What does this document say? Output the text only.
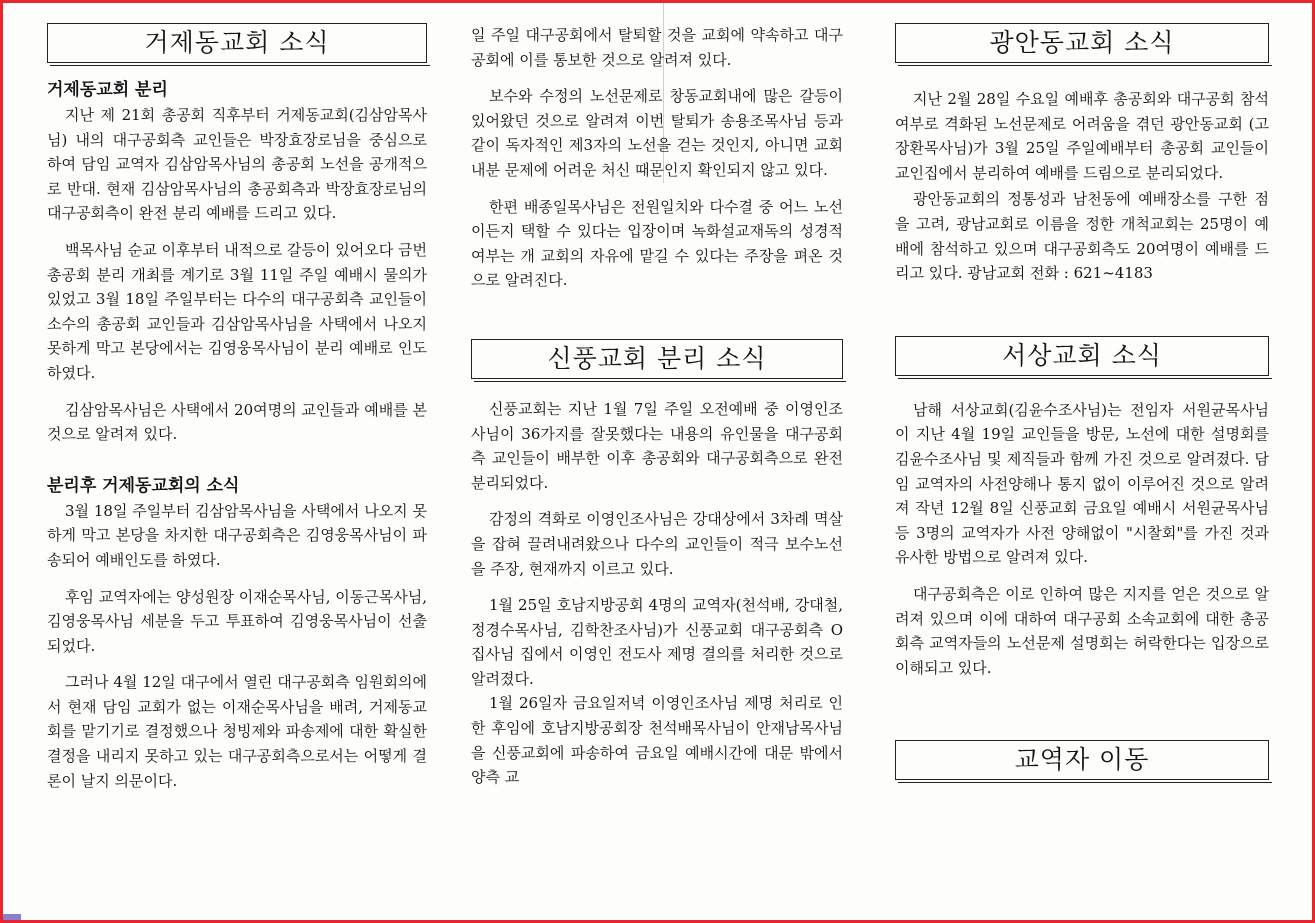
거제동교회 소식
거제동교회 분리

지난 제 21회 총공회 직후부터 거제동교회(김삼암목사님) 내의 대구공회측 교인들은 박장효장로님을 중심으로 하여 담임 교역자 김삼암목사님의 총공회 노선을 공개적으로 반대. 현재 김삼암목사님의 총공회측과 박장효장로님의 대구공회측이 완전 분리 예배를 드리고 있다.

백목사님 순교 이후부터 내적으로 갈등이 있어오다 금번 총공회 분리 개최를 계기로 3월 11일 주일 예배시 물의가 있었고 3월 18일 주일부터는 다수의 대구공회측 교인들이 소수의 총공회 교인들과 김삼암목사님을 사택에서 나오지 못하게 막고 본당에서는 김영웅목사님이 분리 예배로 인도하였다.

김삼암목사님은 사택에서 20여명의 교인들과 예배를 본 것으로 알려져 있다.

분리후 거제동교회의 소식

3월 18일 주일부터 김삼암목사님을 사택에서 나오지 못하게 막고 본당을 차지한 대구공회측은 김영웅목사님이 파송되어 예배인도를 하였다.

후임 교역자에는 양성원장 이재순목사님, 이동근목사님, 김영웅목사님 세분을 두고 투표하여 김영웅목사님이 선출되었다.

그러나 4월 12일 대구에서 열린 대구공회측 임원회의에서 현재 담임 교회가 없는 이재순목사님을 배려, 거제동교회를 맡기기로 결정했으나 청빙제와 파송제에 대한 확실한 결정을 내리지 못하고 있는 대구공회측으로서는 어떻게 결론이 날지 의문이다.

일 주일 대구공회에서 탈퇴할 것을 교회에 약속하고 대구공회에 이를 통보한 것으로 알려져 있다.

보수와 수정의 노선문제로 창동교회내에 많은 갈등이 있어왔던 것으로 알려져 이번 탈퇴가 송용조목사님 등과 같이 독자적인 제3자의 노선을 걷는 것인지, 아니면 교회 내분 문제에 어려운 처신 때문인지 확인되지 않고 있다.

한편 배종일목사님은 전원일치와 다수결 중 어느 노선이든지 택할 수 있다는 입장이며 녹화설교재독의 성경적 여부는 개 교회의 자유에 맡길 수 있다는 주장을 펴온 것으로 알려진다.

신풍교회 분리 소식

신풍교회는 지난 1월 7일 주일 오전예배 중 이영인조사님이 36가지를 잘못했다는 내용의 유인물을 대구공회측 교인들이 배부한 이후 총공회와 대구공회측으로 완전 분리되었다.

감정의 격화로 이영인조사님은 강대상에서 3차례 멱살을 잡혀 끌려내려왔으나 다수의 교인들이 적극 보수노선을 주장, 현재까지 이르고 있다.

1월 25일 호남지방공회 4명의 교역자(천석배, 강대철, 정경수목사님, 김학찬조사님)가 신풍교회 대구공회측 O집사님 집에서 이영인 전도사 제명 결의를 처리한 것으로 알려졌다.

1월 26일자 금요일저녁 이영인조사님 제명 처리로 인한 후임에 호남지방공회장 천석배목사님이 안재남목사님을 신풍교회에 파송하여 금요일 예배시간에 대문 밖에서 양측 교

광안동교회 소식

지난 2월 28일 수요일 예배후 총공회와 대구공회 참석여부로 격화된 노선문제로 어려움을 겪던 광안동교회 (고장환목사님)가 3월 25일 주일예배부터 총공회 교인들이 교인집에서 분리하여 예배를 드림으로 분리되었다.

광안동교회의 정통성과 남천동에 예배장소를 구한 점을 고려, 광남교회로 이름을 정한 개척교회는 25명이 예배에 참석하고 있으며 대구공회측도 20여명이 예배를 드리고 있다. 광남교회 전화 : 621~4183

서상교회 소식

남해 서상교회(김윤수조사님)는 전임자 서원균목사님이 지난 4월 19일 교인들을 방문, 노선에 대한 설명회를 김윤수조사님 및 제직들과 함께 가진 것으로 알려졌다. 담임 교역자의 사전양해나 통지 없이 이루어진 것으로 알려져 작년 12월 8일 신풍교회 금요일 예배시 서원균목사님등 3명의 교역자가 사전 양해없이 "시찰회"를 가진 것과 유사한 방법으로 알려져 있다.

대구공회측은 이로 인하여 많은 지지를 얻은 것으로 알려져 있으며 이에 대하여 대구공회 소속교회에 대한 총공회측 교역자들의 노선문제 설명회는 허락한다는 입장으로 이해되고 있다.

교역자 이동
